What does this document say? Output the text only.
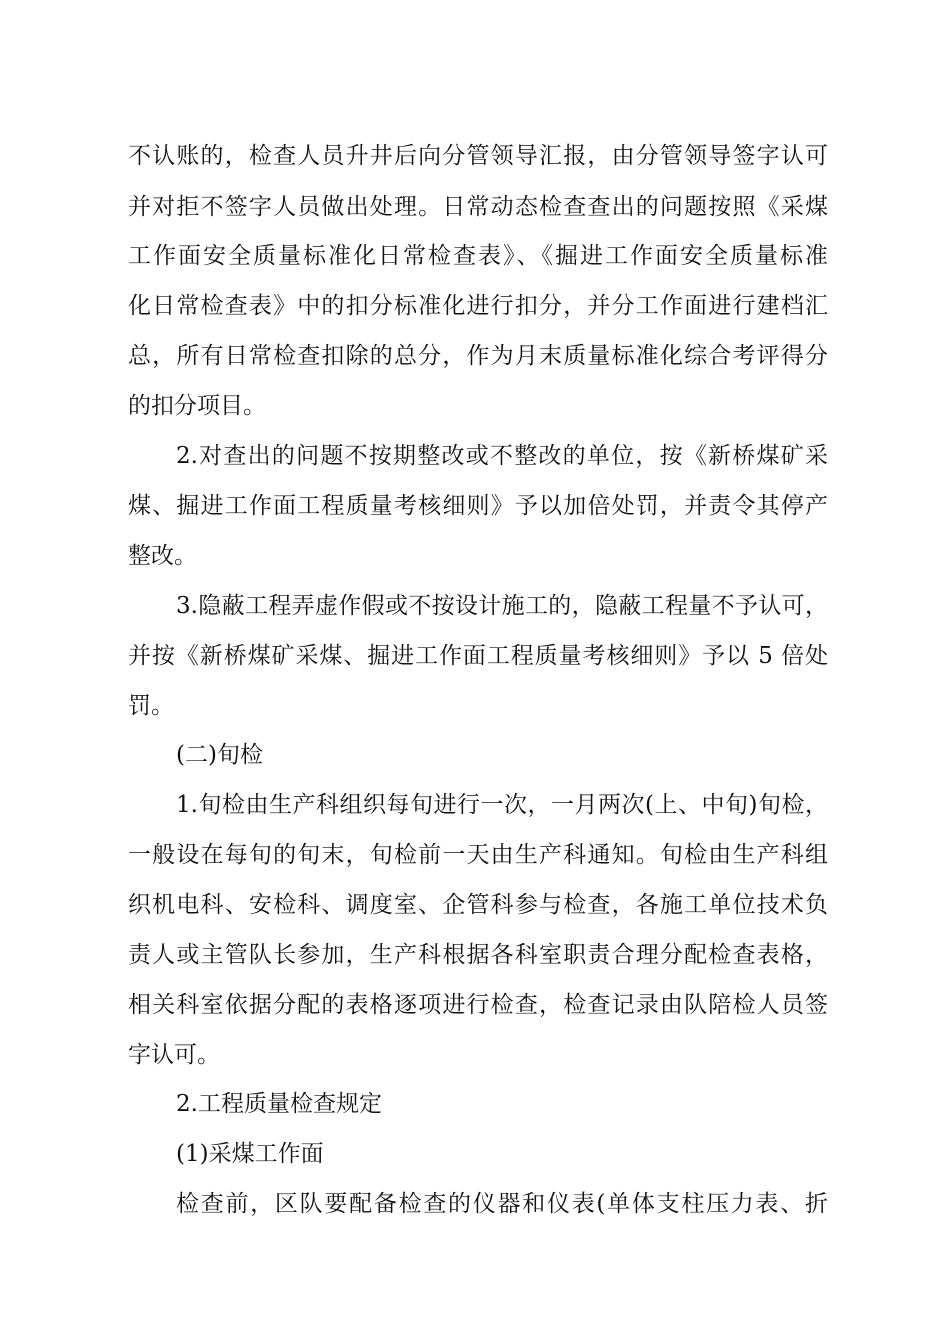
不认账的，检查人员升井后向分管领导汇报，由分管领导签字认可
并对拒不签字人员做出处理。日常动态检查查出的问题按照《采煤
工作面安全质量标准化日常检查表》、《掘进工作面安全质量标准
化日常检查表》中的扣分标准化进行扣分，并分工作面进行建档汇
总，所有日常检查扣除的总分，作为月末质量标准化综合考评得分
的扣分项目。
2.对查出的问题不按期整改或不整改的单位，按《新桥煤矿采
煤、掘进工作面工程质量考核细则》予以加倍处罚，并责令其停产
整改。
3.隐蔽工程弄虚作假或不按设计施工的，隐蔽工程量不予认可，
并按《新桥煤矿采煤、掘进工作面工程质量考核细则》予以 5 倍处
罚。
(二)旬检
1.旬检由生产科组织每旬进行一次，一月两次(上、中旬)旬检，
一般设在每旬的旬末，旬检前一天由生产科通知。旬检由生产科组
织机电科、安检科、调度室、企管科参与检查，各施工单位技术负
责人或主管队长参加，生产科根据各科室职责合理分配检查表格，
相关科室依据分配的表格逐项进行检查，检查记录由队陪检人员签
字认可。
2.工程质量检查规定
(1)采煤工作面
检查前，区队要配备检查的仪器和仪表(单体支柱压力表、折
